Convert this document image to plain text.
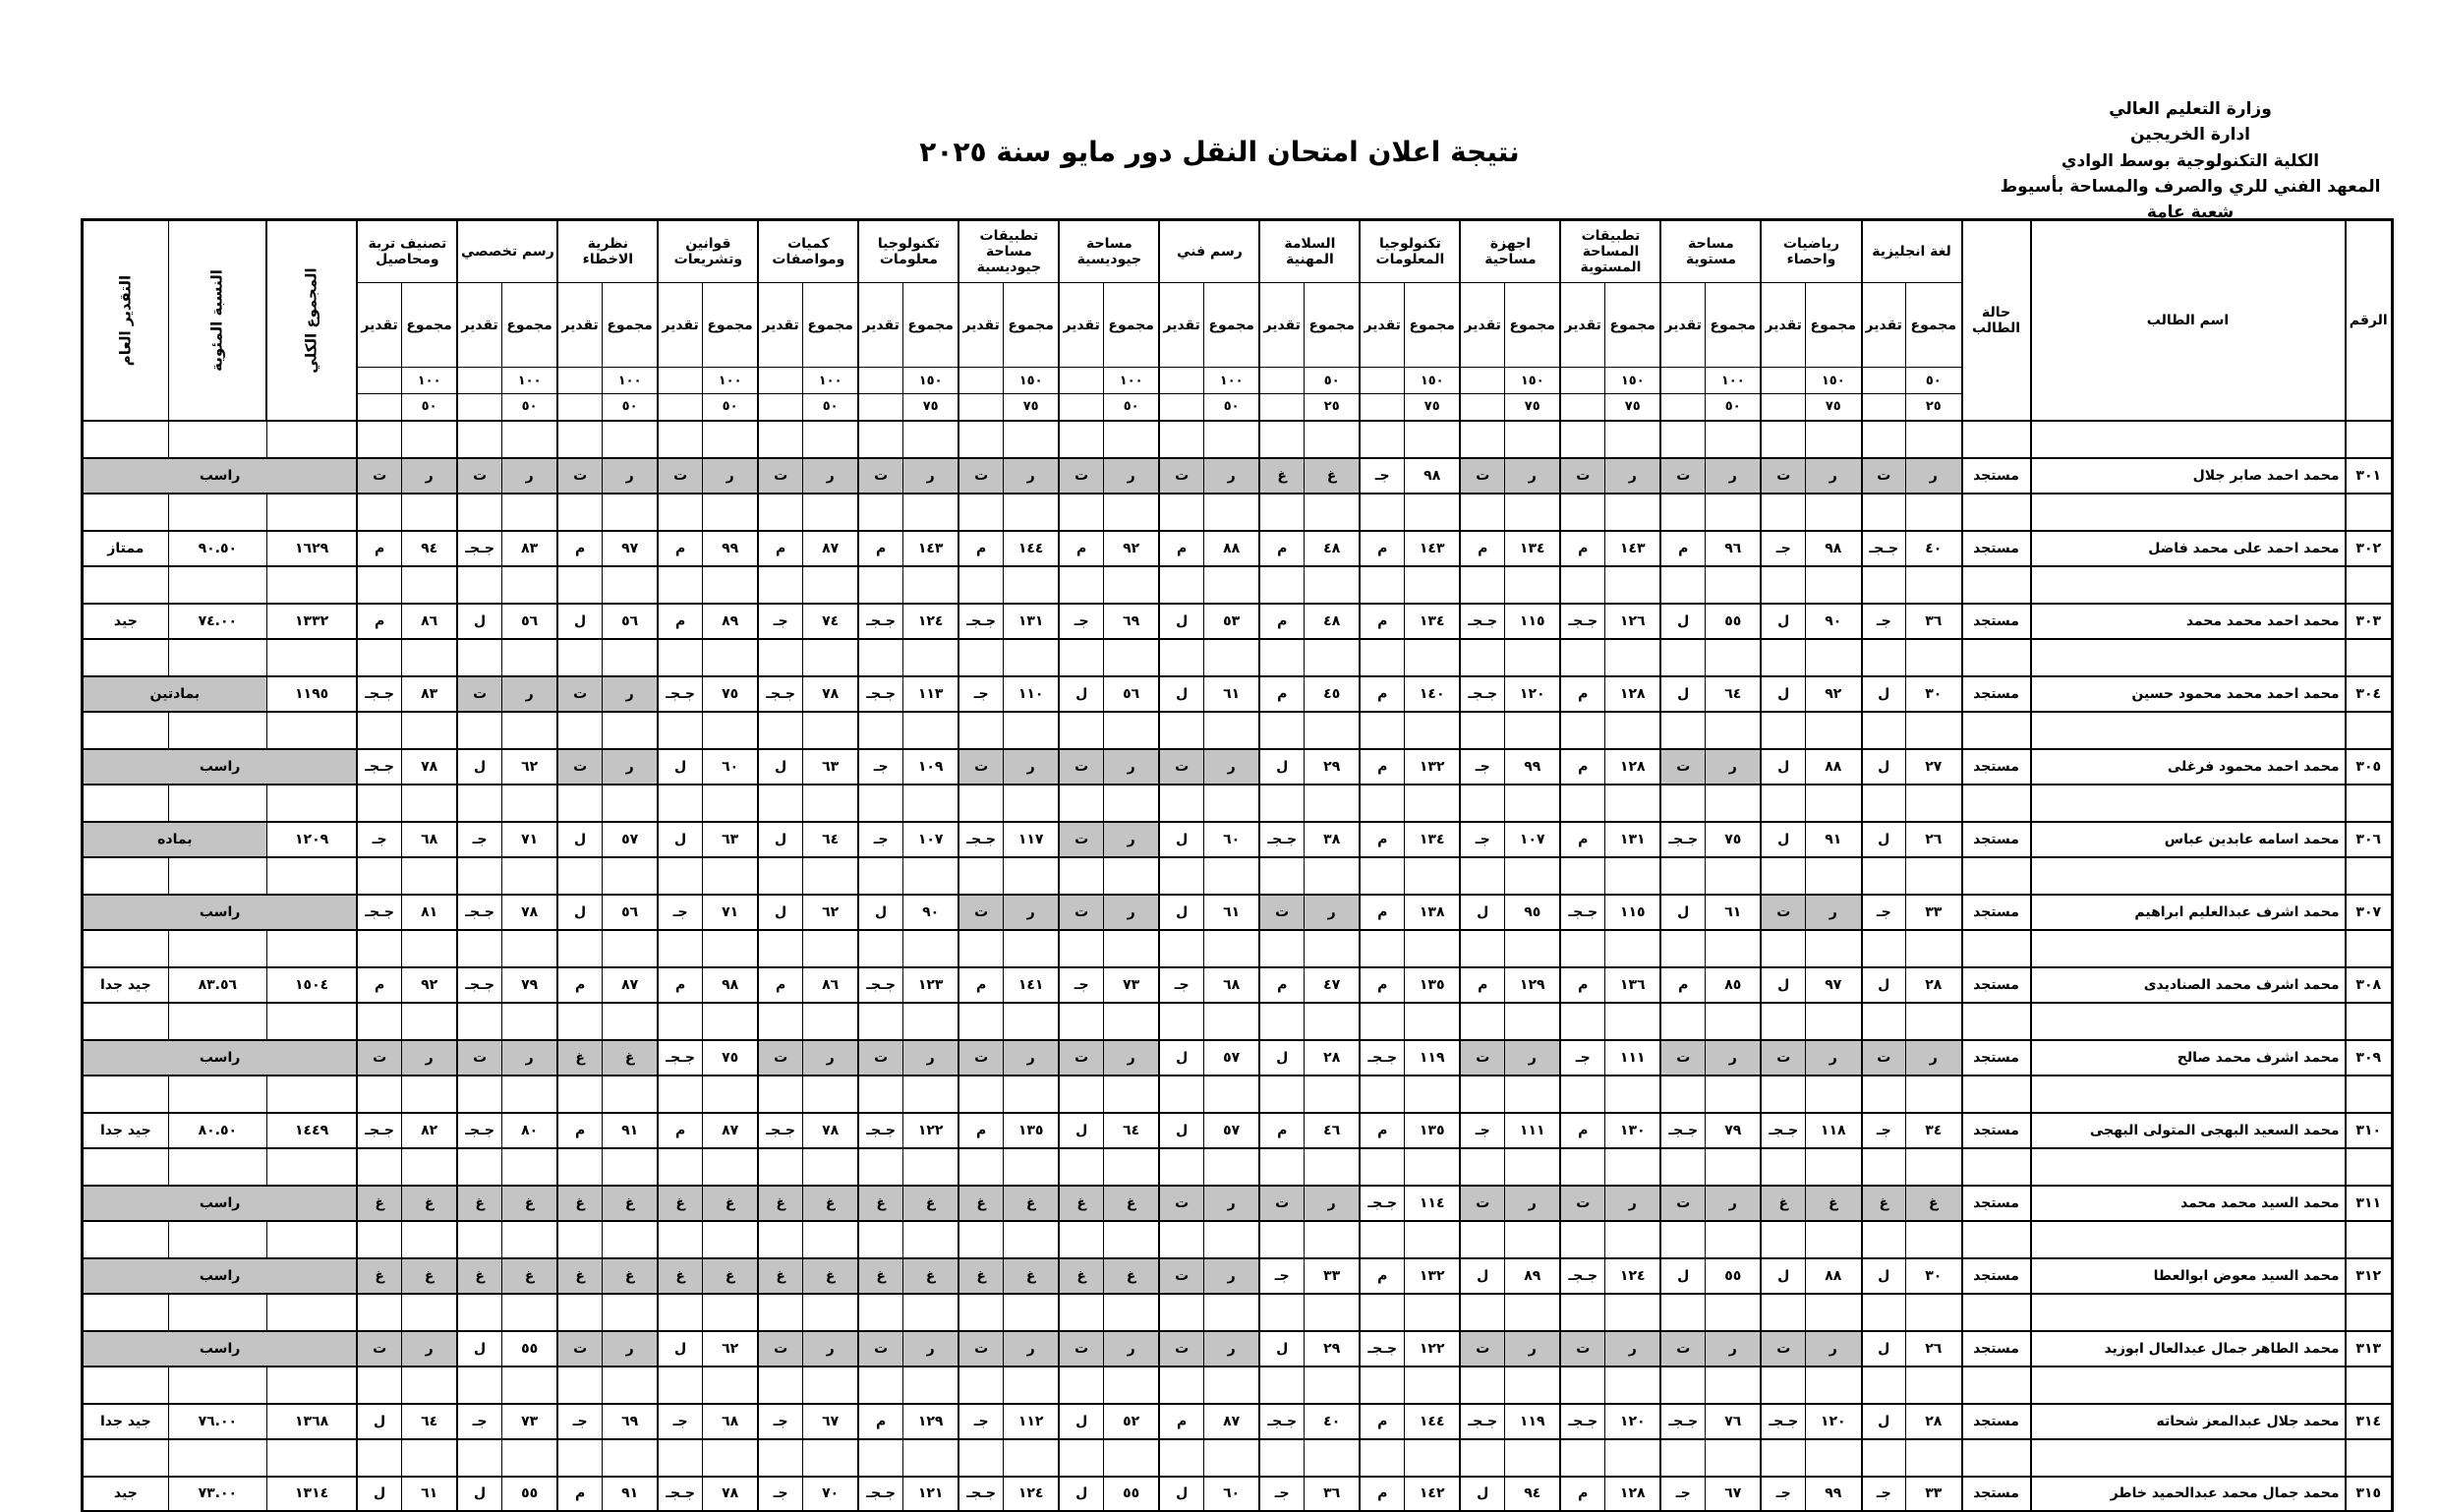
وزارة التعليم العالي
ادارة الخريجين
الكلية التكنولوجية بوسط الوادي
المعهد الفني للري والصرف والمساحة بأسيوط
شعبة عامة
نتيجة اعلان امتحان النقل دور مايو سنة ٢٠٢٥
الرقم	اسم الطالب	حالة الطالب	لغة انجليزية		رياضيات واحصاء		مساحة مستوية		تطبيقات المساحة المستوية		اجهزة مساحية		تكنولوجيا المعلومات		السلامة المهنية		رسم فني		مساحة جيوديسية		تطبيقات مساحة جيوديسية		تكنولوجيا معلومات		كميات ومواصفات		قوانين وتشريعات		نظرية الاخطاء		رسم تخصصي		تصنيف تربة ومحاصيل		المجموع الكلي	النسبة المئوية	التقدير العام

			مجموع	تقدير	مجموع	تقدير	مجموع	تقدير	مجموع	تقدير	مجموع	تقدير	مجموع	تقدير	مجموع	تقدير	مجموع	تقدير	مجموع	تقدير	مجموع	تقدير	مجموع	تقدير	مجموع	تقدير	مجموع	تقدير	مجموع	تقدير	مجموع	تقدير	مجموع	تقدير			
			٥٠		١٥٠		١٠٠		١٥٠		١٥٠		١٥٠		٥٠		١٠٠		١٠٠		١٥٠		١٥٠		١٠٠		١٠٠		١٠٠		١٠٠		١٠٠				
			٢٥		٧٥		٥٠		٧٥		٧٥		٧٥		٢٥		٥٠		٥٠		٧٥		٧٥		٥٠		٥٠		٥٠		٥٠		٥٠				

٣٠١	محمد احمد صابر جلال	مستجد	ر	ت	ر	ت	ر	ت	ر	ت	ر	ت	٩٨	جـ	غ	غ	ر	ت	ر	ت	ر	ت	ر	ت	ر	ت	ر	ت	ر	ت	ر	ت	ر	ت	راسب		

٣٠٢	محمد احمد على محمد فاضل	مستجد	٤٠	جـجـ	٩٨	جـ	٩٦	م	١٤٣	م	١٣٤	م	١٤٣	م	٤٨	م	٨٨	م	٩٢	م	١٤٤	م	١٤٣	م	٨٧	م	٩٩	م	٩٧	م	٨٣	جـجـ	٩٤	م	١٦٢٩	٩٠.٥٠	ممتاز

٣٠٣	محمد احمد محمد محمد	مستجد	٣٦	جـ	٩٠	ل	٥٥	ل	١٢٦	جـجـ	١١٥	جـجـ	١٣٤	م	٤٨	م	٥٣	ل	٦٩	جـ	١٣١	جـجـ	١٢٤	جـجـ	٧٤	جـ	٨٩	م	٥٦	ل	٥٦	ل	٨٦	م	١٣٣٢	٧٤.٠٠	جيد

٣٠٤	محمد احمد محمد محمود حسين	مستجد	٣٠	ل	٩٢	ل	٦٤	ل	١٢٨	م	١٢٠	جـجـ	١٤٠	م	٤٥	م	٦١	ل	٥٦	ل	١١٠	جـ	١١٣	جـجـ	٧٨	جـجـ	٧٥	جـجـ	ر	ت	ر	ت	٨٣	جـجـ	١١٩٥	بمادتين	

٣٠٥	محمد احمد محمود فرغلى	مستجد	٢٧	ل	٨٨	ل	ر	ت	١٢٨	م	٩٩	جـ	١٣٢	م	٢٩	ل	ر	ت	ر	ت	ر	ت	١٠٩	جـ	٦٣	ل	٦٠	ل	ر	ت	٦٢	ل	٧٨	جـجـ	راسب		

٣٠٦	محمد اسامه عابدين عباس	مستجد	٢٦	ل	٩١	ل	٧٥	جـجـ	١٣١	م	١٠٧	جـ	١٣٤	م	٣٨	جـجـ	٦٠	ل	ر	ت	١١٧	جـجـ	١٠٧	جـ	٦٤	ل	٦٣	ل	٥٧	ل	٧١	جـ	٦٨	جـ	١٢٠٩	بماده	

٣٠٧	محمد اشرف عبدالعليم ابراهيم	مستجد	٣٣	جـ	ر	ت	٦١	ل	١١٥	جـجـ	٩٥	ل	١٣٨	م	ر	ت	٦١	ل	ر	ت	ر	ت	٩٠	ل	٦٢	ل	٧١	جـ	٥٦	ل	٧٨	جـجـ	٨١	جـجـ	راسب		

٣٠٨	محمد اشرف محمد الصناديدى	مستجد	٢٨	ل	٩٧	ل	٨٥	م	١٣٦	م	١٢٩	م	١٣٥	م	٤٧	م	٦٨	جـ	٧٣	جـ	١٤١	م	١٢٣	جـجـ	٨٦	م	٩٨	م	٨٧	م	٧٩	جـجـ	٩٢	م	١٥٠٤	٨٣.٥٦	جيد جدا

٣٠٩	محمد اشرف محمد صالح	مستجد	ر	ت	ر	ت	ر	ت	١١١	جـ	ر	ت	١١٩	جـجـ	٢٨	ل	٥٧	ل	ر	ت	ر	ت	ر	ت	ر	ت	٧٥	جـجـ	غ	غ	ر	ت	ر	ت	راسب		

٣١٠	محمد السعيد البهجى المتولى البهجى	مستجد	٣٤	جـ	١١٨	جـجـ	٧٩	جـجـ	١٣٠	م	١١١	جـ	١٣٥	م	٤٦	م	٥٧	ل	٦٤	ل	١٣٥	م	١٢٢	جـجـ	٧٨	جـجـ	٨٧	م	٩١	م	٨٠	جـجـ	٨٢	جـجـ	١٤٤٩	٨٠.٥٠	جيد جدا

٣١١	محمد السيد محمد محمد	مستجد	غ	غ	غ	غ	ر	ت	ر	ت	ر	ت	١١٤	جـجـ	ر	ت	ر	ت	غ	غ	غ	غ	غ	غ	غ	غ	غ	غ	غ	غ	غ	غ	غ	غ	راسب		

٣١٢	محمد السيد معوض ابوالعطا	مستجد	٣٠	ل	٨٨	ل	٥٥	ل	١٢٤	جـجـ	٨٩	ل	١٣٢	م	٣٣	جـ	ر	ت	غ	غ	غ	غ	غ	غ	غ	غ	غ	غ	غ	غ	غ	غ	غ	غ	راسب		

٣١٣	محمد الطاهر جمال عبدالعال ابوزيد	مستجد	٢٦	ل	ر	ت	ر	ت	ر	ت	ر	ت	١٢٢	جـجـ	٢٩	ل	ر	ت	ر	ت	ر	ت	ر	ت	ر	ت	٦٢	ل	ر	ت	٥٥	ل	ر	ت	راسب		

٣١٤	محمد جلال عبدالمعز شحاته	مستجد	٢٨	ل	١٢٠	جـجـ	٧٦	جـجـ	١٢٠	جـجـ	١١٩	جـجـ	١٤٤	م	٤٠	جـجـ	٨٧	م	٥٢	ل	١١٢	جـ	١٢٩	م	٦٧	جـ	٦٨	جـ	٦٩	جـ	٧٣	جـ	٦٤	ل	١٣٦٨	٧٦.٠٠	جيد جدا

٣١٥	محمد جمال محمد عبدالحميد خاطر	مستجد	٣٣	جـ	٩٩	جـ	٦٧	جـ	١٢٨	م	٩٤	ل	١٤٢	م	٣٦	جـ	٦٠	ل	٥٥	ل	١٢٤	جـجـ	١٢١	جـجـ	٧٠	جـ	٧٨	جـجـ	٩١	م	٥٥	ل	٦١	ل	١٣١٤	٧٣.٠٠	جيد
